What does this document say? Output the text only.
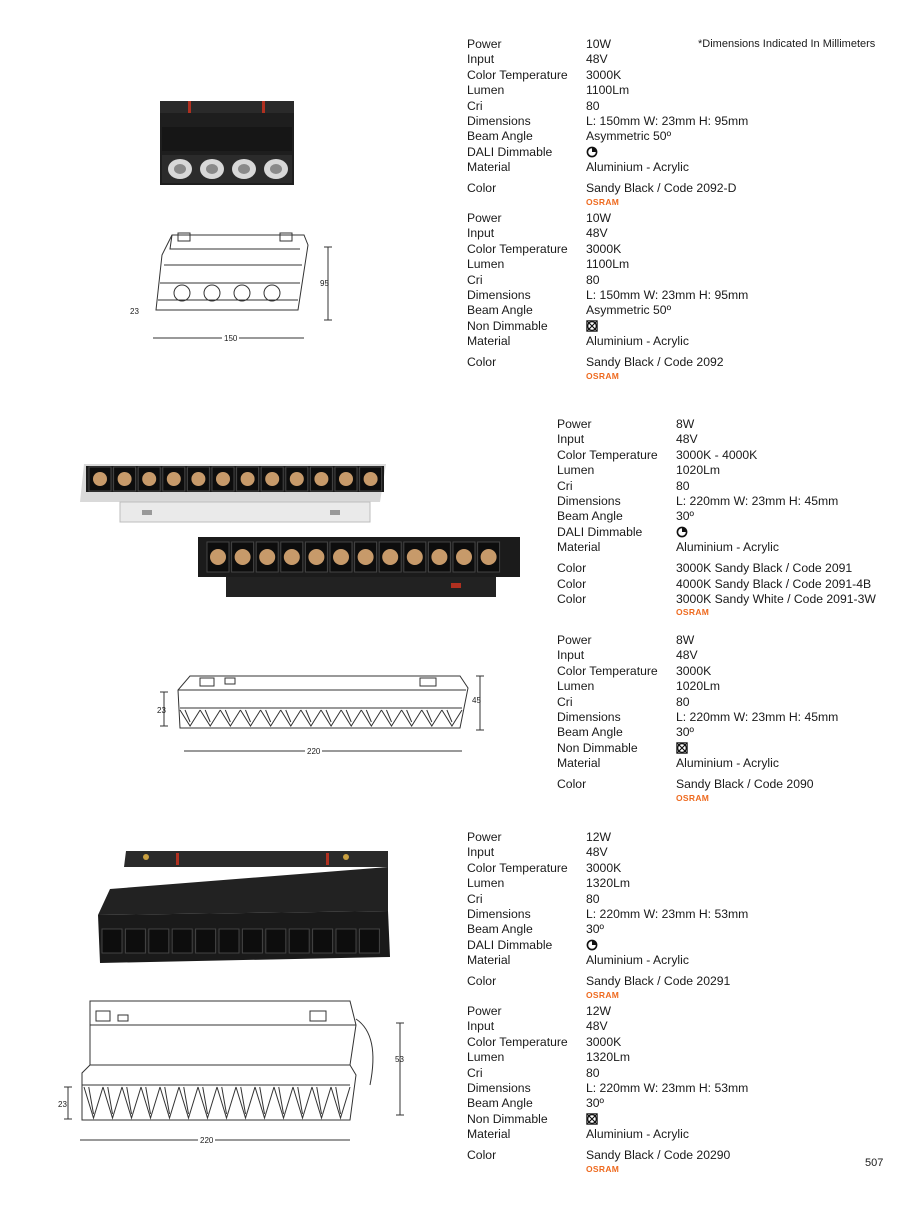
*Dimensions Indicated In Millimeters
Power	10W
Input	48V
Color Temperature	3000K
Lumen	1100Lm
Cri	80
Dimensions	L: 150mm W: 23mm H: 95mm
Beam Angle	Asymmetric 50º
DALI Dimmable
Material	Aluminium - Acrylic
Color	Sandy Black / Code 2092-D
OSRAM
Power	10W
Input	48V
Color Temperature	3000K
Lumen	1100Lm
Cri	80
Dimensions	L: 150mm W: 23mm H: 95mm
Beam Angle	Asymmetric 50º
Non Dimmable
Material	Aluminium - Acrylic
Color	Sandy Black / Code 2092
OSRAM
Power	8W
Input	48V
Color Temperature	3000K - 4000K
Lumen	1020Lm
Cri	80
Dimensions	L: 220mm W: 23mm H: 45mm
Beam Angle	30º
DALI Dimmable
Material	Aluminium - Acrylic
Color	3000K Sandy Black / Code 2091
Color	4000K Sandy Black / Code 2091-4B
Color	3000K Sandy White / Code 2091-3W
OSRAM
Power	8W
Input	48V
Color Temperature	3000K
Lumen	1020Lm
Cri	80
Dimensions	L: 220mm W: 23mm H: 45mm
Beam Angle	30º
Non Dimmable
Material	Aluminium - Acrylic
Color	Sandy Black / Code 2090
OSRAM
Power	12W
Input	48V
Color Temperature	3000K
Lumen	1320Lm
Cri	80
Dimensions	L: 220mm W: 23mm H: 53mm
Beam Angle	30º
DALI Dimmable
Material	Aluminium - Acrylic
Color	Sandy Black / Code 20291
OSRAM
Power	12W
Input	48V
Color Temperature	3000K
Lumen	1320Lm
Cri	80
Dimensions	L: 220mm W: 23mm H: 53mm
Beam Angle	30º
Non Dimmable
Material	Aluminium - Acrylic
Color	Sandy Black / Code 20290
OSRAM
150
23
95
220
23
45
220
23
53
507
